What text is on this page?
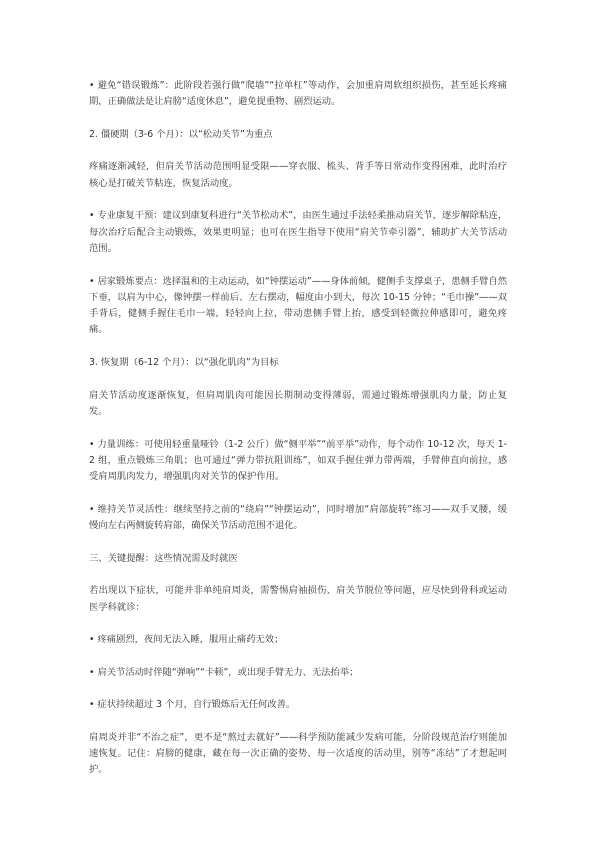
• 避免“错误锻炼”：此阶段若强行做“爬墙”“拉单杠”等动作，会加重肩周软组织损伤，甚至延长疼痛期，正确做法是让肩膀“适度休息”，避免提重物、剧烈运动。

2. 僵硬期（3-6 个月）：以“松动关节”为重点

疼痛逐渐减轻，但肩关节活动范围明显受限——穿衣服、梳头、背手等日常动作变得困难，此时治疗核心是打破关节粘连，恢复活动度。

• 专业康复干预：建议到康复科进行“关节松动术”，由医生通过手法轻柔推动肩关节，逐步解除粘连，每次治疗后配合主动锻炼，效果更明显；也可在医生指导下使用“肩关节牵引器”，辅助扩大关节活动范围。

• 居家锻炼要点：选择温和的主动运动，如“钟摆运动”——身体前倾，健侧手支撑桌子，患侧手臂自然下垂，以肩为中心，像钟摆一样前后、左右摆动，幅度由小到大，每次 10-15 分钟；“毛巾操”——双手背后，健侧手握住毛巾一端，轻轻向上拉，带动患侧手臂上抬，感受到轻微拉伸感即可，避免疼痛。

3. 恢复期（6-12 个月）：以“强化肌肉”为目标

肩关节活动度逐渐恢复，但肩周肌肉可能因长期制动变得薄弱，需通过锻炼增强肌肉力量，防止复发。

• 力量训练：可使用轻重量哑铃（1-2 公斤）做“侧平举”“前平举”动作，每个动作 10-12 次，每天 1-2 组，重点锻炼三角肌；也可通过“弹力带抗阻训练”，如双手握住弹力带两端，手臂伸直向前拉，感受肩周肌肉发力，增强肌肉对关节的保护作用。

• 维持关节灵活性：继续坚持之前的“绕肩”“钟摆运动”，同时增加“肩部旋转”练习——双手叉腰，缓慢向左右两侧旋转肩部，确保关节活动范围不退化。

三、关键提醒：这些情况需及时就医

若出现以下症状，可能并非单纯肩周炎，需警惕肩袖损伤、肩关节脱位等问题，应尽快到骨科或运动医学科就诊：

• 疼痛剧烈，夜间无法入睡，服用止痛药无效；

• 肩关节活动时伴随“弹响”“卡顿”，或出现手臂无力、无法抬举；

• 症状持续超过 3 个月，自行锻炼后无任何改善。

肩周炎并非“不治之症”，更不是“熬过去就好”——科学预防能减少发病可能，分阶段规范治疗则能加速恢复。记住：肩膀的健康，藏在每一次正确的姿势、每一次适度的活动里，别等“冻结”了才想起呵护。
